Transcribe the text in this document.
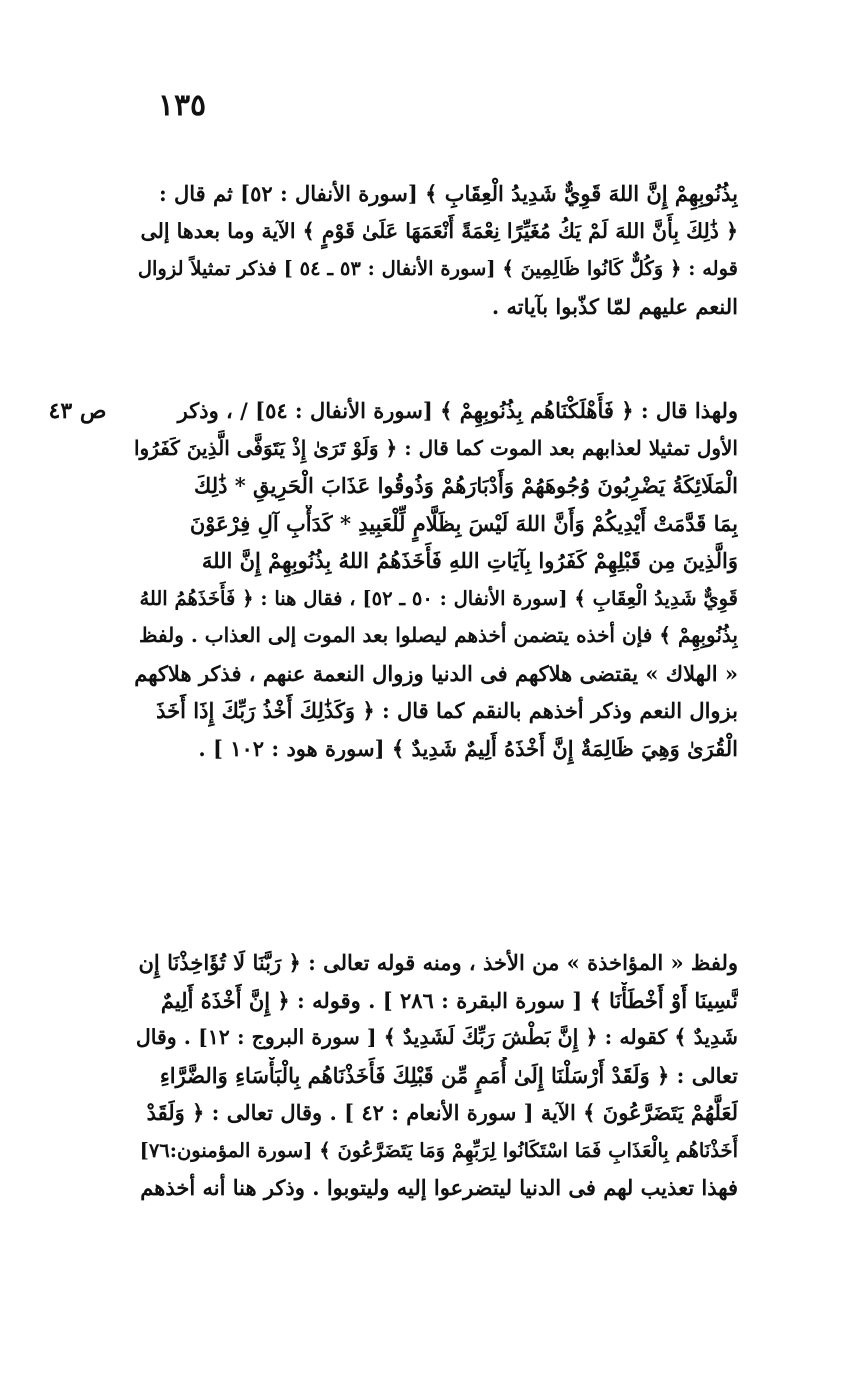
١٣٥
ص ٤٣
بِذُنُوبِهِمْ إِنَّ اللهَ قَوِيٌّ شَدِيدُ الْعِقَابِ ﴾ [سورة الأنفال : ٥٢] ثم قال :
﴿ ذَٰلِكَ بِأَنَّ اللهَ لَمْ يَكُ مُغَيِّرًا نِعْمَةً أَنْعَمَهَا عَلَىٰ قَوْمٍ ﴾ الآية وما بعدها إلى
قوله : ﴿ وَكُلٌّ كَانُوا ظَالِمِينَ ﴾ [سورة الأنفال : ٥٣ ـ ٥٤ ] فذكر تمثيلاً لزوال
النعم عليهم لمّا كذّبوا بآياته .
ولهذا قال : ﴿ فَأَهْلَكْنَاهُم بِذُنُوبِهِمْ ﴾ [سورة الأنفال : ٥٤] / ، وذكر
الأول تمثيلا لعذابهم بعد الموت كما قال : ﴿ وَلَوْ تَرَىٰ إِذْ يَتَوَفَّى الَّذِينَ كَفَرُوا
الْمَلَائِكَةُ يَضْرِبُونَ وُجُوهَهُمْ وَأَدْبَارَهُمْ وَذُوقُوا عَذَابَ الْحَرِيقِ * ذَٰلِكَ
بِمَا قَدَّمَتْ أَيْدِيكُمْ وَأَنَّ اللهَ لَيْسَ بِظَلَّامٍ لِّلْعَبِيدِ * كَدَأْبِ آلِ فِرْعَوْنَ
وَالَّذِينَ مِن قَبْلِهِمْ كَفَرُوا بِآيَاتِ اللهِ فَأَخَذَهُمُ اللهُ بِذُنُوبِهِمْ إِنَّ اللهَ
قَوِيٌّ شَدِيدُ الْعِقَابِ ﴾ [سورة الأنفال : ٥٠ ـ ٥٢] ، فقال هنا : ﴿ فَأَخَذَهُمُ اللهُ
بِذُنُوبِهِمْ ﴾ فإن أخذه يتضمن أخذهم ليصلوا بعد الموت إلى العذاب . ولفظ
« الهلاك » يقتضى هلاكهم فى الدنيا وزوال النعمة عنهم ، فذكر هلاكهم
بزوال النعم وذكر أخذهم بالنقم كما قال : ﴿ وَكَذَٰلِكَ أَخْذُ رَبِّكَ إِذَا أَخَذَ
الْقُرَىٰ وَهِيَ ظَالِمَةٌ إِنَّ أَخْذَهُ أَلِيمٌ شَدِيدٌ ﴾ [سورة هود : ١٠٢ ] .
ولفظ « المؤاخذة » من الأخذ ، ومنه قوله تعالى : ﴿ رَبَّنَا لَا تُؤَاخِذْنَا إِن
نَّسِينَا أَوْ أَخْطَأْنَا ﴾ [ سورة البقرة : ٢٨٦ ] . وقوله : ﴿ إِنَّ أَخْذَهُ أَلِيمٌ
شَدِيدٌ ﴾ كقوله : ﴿ إِنَّ بَطْشَ رَبِّكَ لَشَدِيدٌ ﴾ [ سورة البروج : ١٢] . وقال
تعالى : ﴿ وَلَقَدْ أَرْسَلْنَا إِلَىٰ أُمَمٍ مِّن قَبْلِكَ فَأَخَذْنَاهُم بِالْبَأْسَاءِ وَالضَّرَّاءِ
لَعَلَّهُمْ يَتَضَرَّعُونَ ﴾ الآية [ سورة الأنعام : ٤٢ ] . وقال تعالى : ﴿ وَلَقَدْ
أَخَذْنَاهُم بِالْعَذَابِ فَمَا اسْتَكَانُوا لِرَبِّهِمْ وَمَا يَتَضَرَّعُونَ ﴾ [سورة المؤمنون:٧٦]
فهذا تعذيب لهم فى الدنيا ليتضرعوا إليه وليتوبوا . وذكر هنا أنه أخذهم
